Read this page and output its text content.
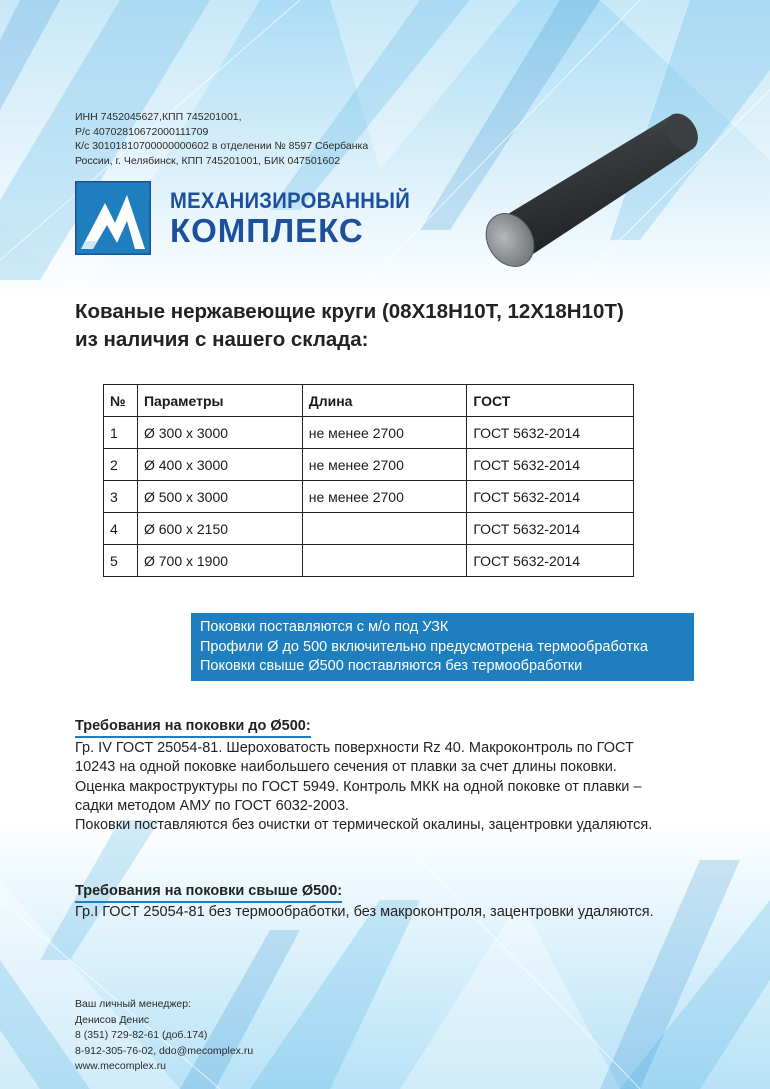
ИНН 7452045627,КПП 745201001,
Р/с 40702810672000111709
К/с 30101810700000000602 в отделении № 8597 Сбербанка
России, г. Челябинск, КПП 745201001, БИК 047501602
МЕХАНИЗИРОВАННЫЙ
КОМПЛЕКС
Кованые нержавеющие круги (08Х18Н10Т, 12Х18Н10Т)
из наличия с нашего склада:
№	Параметры	Длина	ГОСТ
1	Ø 300 х 3000	не менее 2700	ГОСТ 5632-2014
2	Ø 400 х 3000	не менее 2700	ГОСТ 5632-2014
3	Ø 500 х 3000	не менее 2700	ГОСТ 5632-2014
4	Ø 600 х 2150		ГОСТ 5632-2014
5	Ø 700 х 1900		ГОСТ 5632-2014
Поковки поставляются с м/о под УЗК
Профили Ø до 500 включительно предусмотрена термообработка
Поковки свыше Ø500 поставляются без термообработки
Требования на поковки до Ø500:
Гр. IV ГОСТ 25054-81. Шероховатость поверхности Rz 40. Макроконтроль по ГОСТ
10243 на одной поковке наибольшего сечения от плавки за счет длины поковки.
Оценка макроструктуры по ГОСТ 5949. Контроль МКК на одной поковке от плавки –
садки методом АМУ по ГОСТ 6032-2003.
Поковки поставляются без очистки от термической окалины, зацентровки удаляются.
Требования на поковки свыше Ø500:
Гр.I ГОСТ 25054-81 без термообработки, без макроконтроля, зацентровки удаляются.
Ваш личный менеджер:
Денисов Денис
8 (351) 729-82-61 (доб.174)
8-912-305-76-02, ddo@mecomplex.ru
www.mecomplex.ru
